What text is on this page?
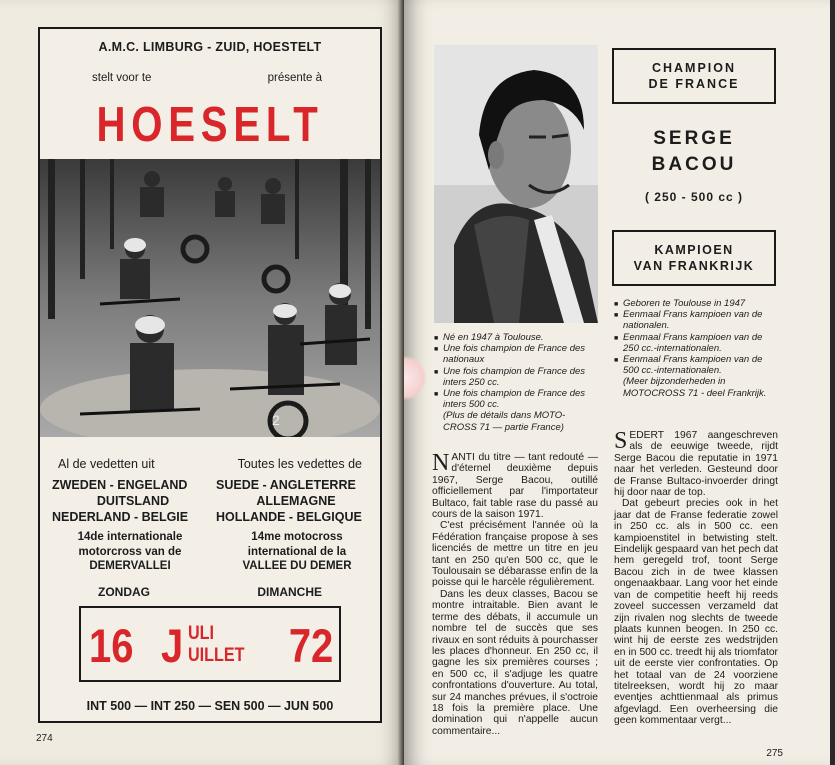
A.M.C. LIMBURG - ZUID, HOESTELT
stelt voor te	présente à
HOESELT
2
Al de vedetten uit	Toutes les vedettes de
ZWEDEN - ENGELAND
DUITSLAND
NEDERLAND - BELGIE
SUEDE - ANGLETERRE
ALLEMAGNE
HOLLANDE - BELGIQUE
14de internationale
motorcross van de
DEMERVALLEI
14me motocross
international de la
VALLEE DU DEMER
ZONDAG	DIMANCHE
16 J ULI
UILLET 72
INT 500 — INT 250 — SEN 500 — JUN 500
274
■ Né en 1947 à Toulouse.
■ Une fois champion de France des nationaux
■ Une fois champion de France des inters 250 cc.
■ Une fois champion de France des inters 500 cc.
(Plus de détails dans MOTO-CROSS 71 — partie France)

NANTI du titre — tant redouté — d'éternel deuxième depuis 1967, Serge Bacou, outillé officiellement par l'importateur Bultaco, fait table rase du passé au cours de la saison 1971.

C'est précisément l'année où la Fédération française propose à ses licenciés de mettre un titre en jeu tant en 250 qu'en 500 cc, que le Toulousain se débarasse enfin de la poisse qui le harcèle régulièrement.

Dans les deux classes, Bacou se montre intraitable. Bien avant le terme des débats, il accumule un nombre tel de succès que ses rivaux en sont réduits à pourchasser les places d'honneur. En 250 cc, il gagne les six premières courses ; en 500 cc, il s'adjuge les quatre confrontations d'ouverture. Au total, sur 24 manches prévues, il s'octroie 18 fois la première place. Une domination qui n'appelle aucun commentaire...

CHAMPION
DE FRANCE
SERGE
BACOU
( 250 - 500 cc )
KAMPIOEN
VAN FRANKRIJK
■ Geboren te Toulouse in 1947
■ Eenmaal Frans kampioen van de nationalen.
■ Eenmaal Frans kampioen van de 250 cc.-internationalen.
■ Eenmaal Frans kampioen van de 500 cc.-internationalen.
(Meer bijzonderheden in MOTOCROSS 71 - deel Frankrijk.

SEDERT 1967 aangeschreven als de eeuwige tweede, rijdt Serge Bacou die reputatie in 1971 naar het verleden. Gesteund door de Franse Bultaco-invoerder dringt hij door naar de top.

Dat gebeurt precies ook in het jaar dat de Franse federatie zowel in 250 cc. als in 500 cc. een kampioenstitel in betwisting stelt. Eindelijk gespaard van het pech dat hem geregeld trof, toont Serge Bacou zich in de twee klassen ongenaakbaar. Lang voor het einde van de competitie heeft hij reeds zoveel successen verzameld dat zijn rivalen nog slechts de tweede plaats kunnen beogen. In 250 cc. wint hij de eerste zes wedstrijden en in 500 cc. treedt hij als triomfator uit de eerste vier confrontaties. Op het totaal van de 24 voorziene titelreeksen, wordt hij zo maar eventjes achttienmaal als primus afgevlagd. Een overheersing die geen kommentaar vergt...

275
